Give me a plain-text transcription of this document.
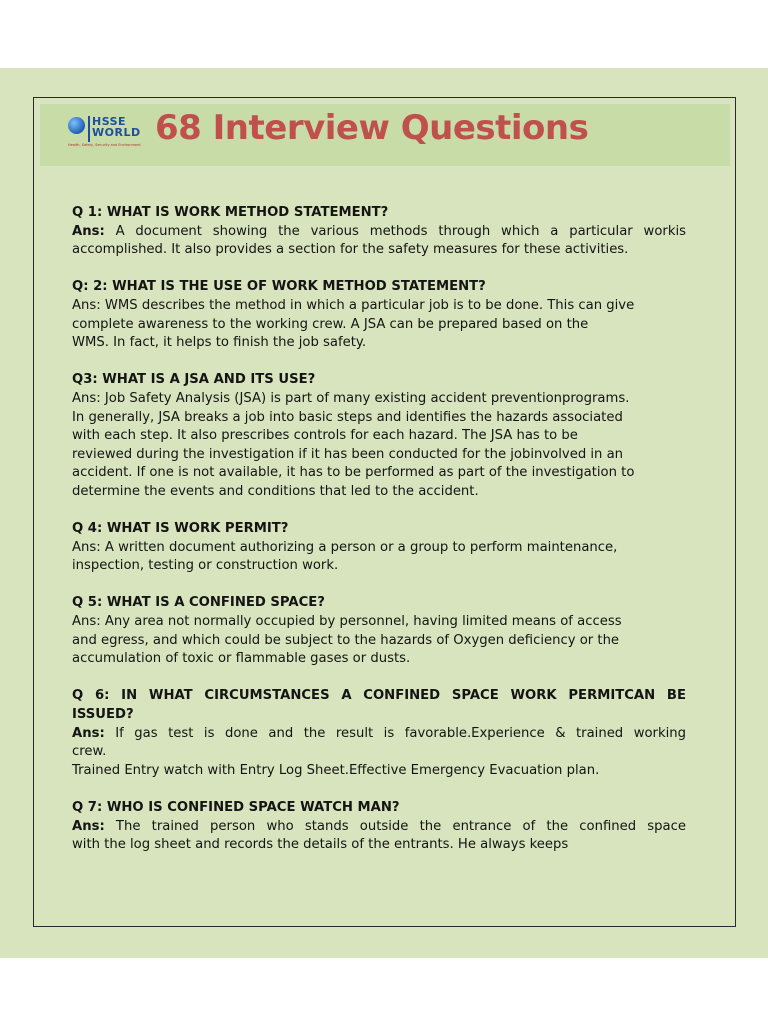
HSSE
WORLD
Health, Safety, Security and Environment 68 Interview Questions
Q 1: WHAT IS WORK METHOD STATEMENT?
Ans: A document showing the various methods through which a particular workis
accomplished. It also provides a section for the safety measures for these activities.
Q: 2: WHAT IS THE USE OF WORK METHOD STATEMENT?
Ans: WMS describes the method in which a particular job is to be done. This can give
complete awareness to the working crew. A JSA can be prepared based on the
WMS. In fact, it helps to finish the job safety.
Q3: WHAT IS A JSA AND ITS USE?
Ans: Job Safety Analysis (JSA) is part of many existing accident preventionprograms.
In generally, JSA breaks a job into basic steps and identifies the hazards associated
with each step. It also prescribes controls for each hazard. The JSA has to be
reviewed during the investigation if it has been conducted for the jobinvolved in an
accident. If one is not available, it has to be performed as part of the investigation to
determine the events and conditions that led to the accident.
Q 4: WHAT IS WORK PERMIT?
Ans: A written document authorizing a person or a group to perform maintenance,
inspection, testing or construction work.
Q 5: WHAT IS A CONFINED SPACE?
Ans: Any area not normally occupied by personnel, having limited means of access
and egress, and which could be subject to the hazards of Oxygen deficiency or the
accumulation of toxic or flammable gases or dusts.
Q 6: IN WHAT CIRCUMSTANCES A CONFINED SPACE WORK PERMITCAN BE
ISSUED?
Ans: If gas test is done and the result is favorable.Experience & trained working
crew.
Trained Entry watch with Entry Log Sheet.Effective Emergency Evacuation plan.
Q 7: WHO IS CONFINED SPACE WATCH MAN?
Ans: The trained person who stands outside the entrance of the confined space
with the log sheet and records the details of the entrants. He always keeps
